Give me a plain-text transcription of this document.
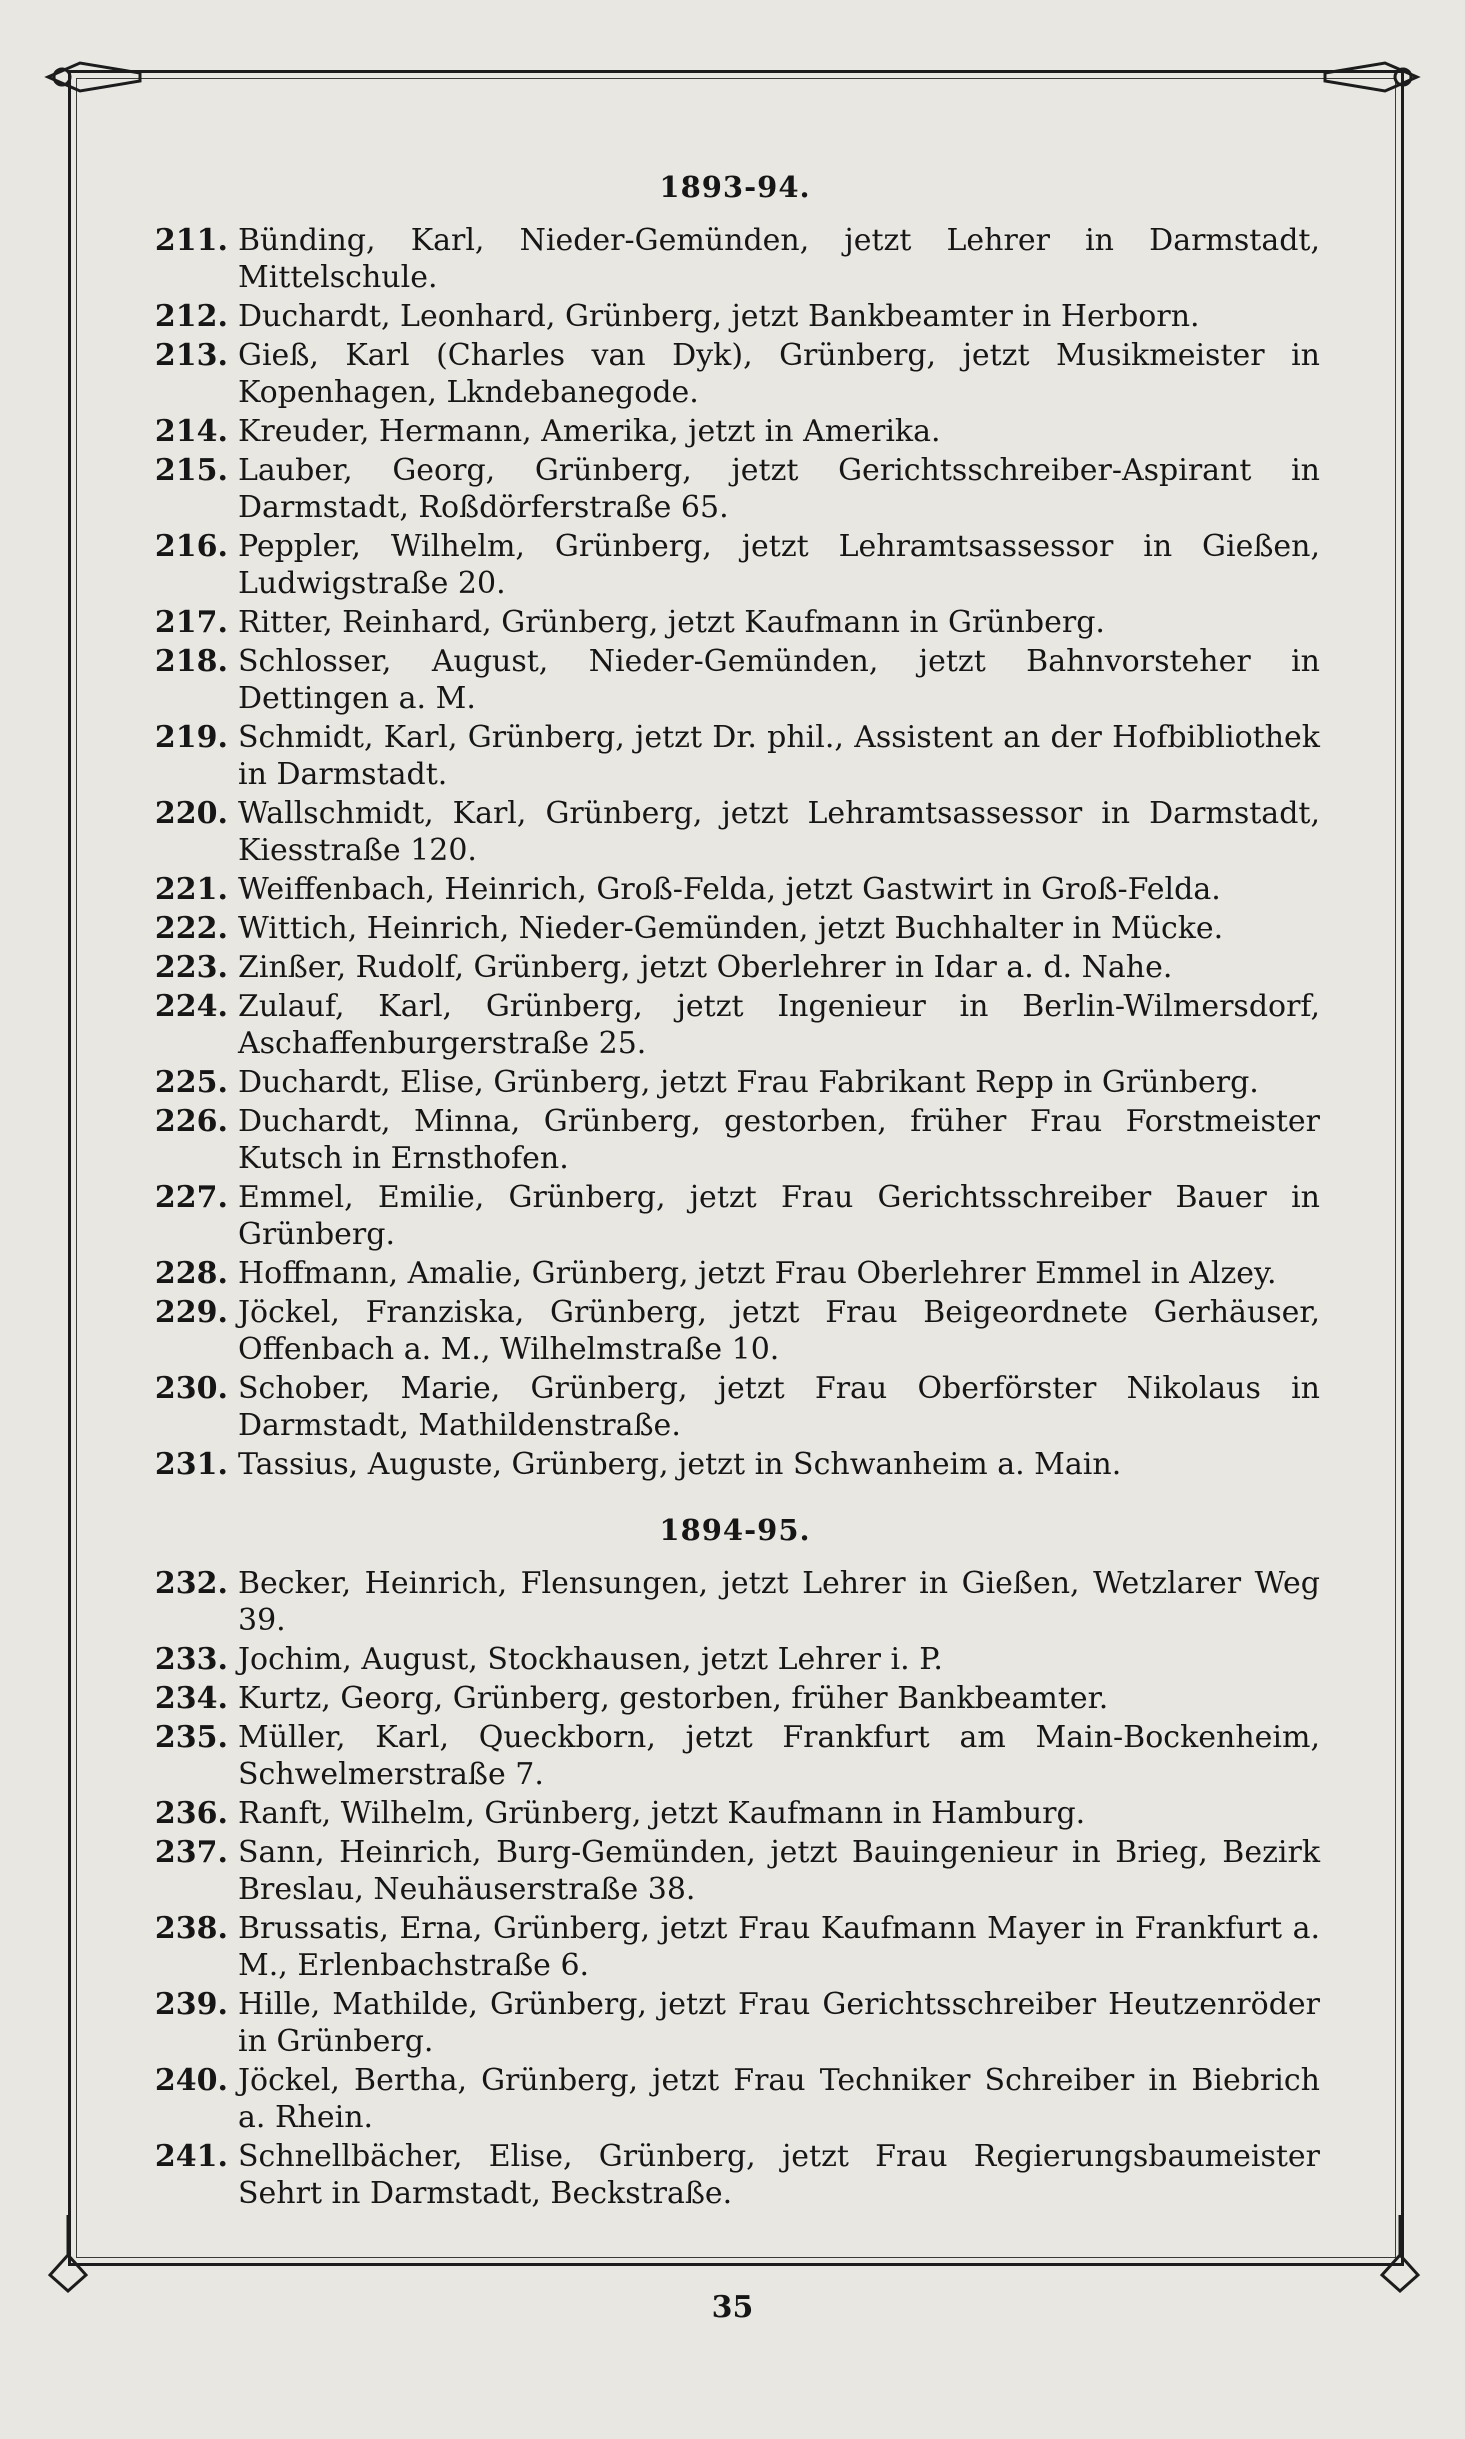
1893-94.
211. Bünding, Karl, Nieder-Gemünden, jetzt Lehrer in Darmstadt, Mittelschule.
212. Duchardt, Leonhard, Grünberg, jetzt Bankbeamter in Herborn.
213. Gieß, Karl (Charles van Dyk), Grünberg, jetzt Musikmeister in Kopenhagen, Lkndebanegode.
214. Kreuder, Hermann, Amerika, jetzt in Amerika.
215. Lauber, Georg, Grünberg, jetzt Gerichtsschreiber-Aspirant in Darmstadt, Roßdörferstraße 65.
216. Peppler, Wilhelm, Grünberg, jetzt Lehramtsassessor in Gießen, Ludwigstraße 20.
217. Ritter, Reinhard, Grünberg, jetzt Kaufmann in Grünberg.
218. Schlosser, August, Nieder-Gemünden, jetzt Bahnvorsteher in Dettingen a. M.
219. Schmidt, Karl, Grünberg, jetzt Dr. phil., Assistent an der Hofbibliothek in Darmstadt.
220. Wallschmidt, Karl, Grünberg, jetzt Lehramtsassessor in Darmstadt, Kiesstraße 120.
221. Weiffenbach, Heinrich, Groß-Felda, jetzt Gastwirt in Groß-Felda.
222. Wittich, Heinrich, Nieder-Gemünden, jetzt Buchhalter in Mücke.
223. Zinßer, Rudolf, Grünberg, jetzt Oberlehrer in Idar a. d. Nahe.
224. Zulauf, Karl, Grünberg, jetzt Ingenieur in Berlin-Wilmersdorf, Aschaffenburgerstraße 25.
225. Duchardt, Elise, Grünberg, jetzt Frau Fabrikant Repp in Grünberg.
226. Duchardt, Minna, Grünberg, gestorben, früher Frau Forstmeister Kutsch in Ernsthofen.
227. Emmel, Emilie, Grünberg, jetzt Frau Gerichtsschreiber Bauer in Grünberg.
228. Hoffmann, Amalie, Grünberg, jetzt Frau Oberlehrer Emmel in Alzey.
229. Jöckel, Franziska, Grünberg, jetzt Frau Beigeordnete Gerhäuser, Offenbach a. M., Wilhelmstraße 10.
230. Schober, Marie, Grünberg, jetzt Frau Oberförster Nikolaus in Darmstadt, Mathildenstraße.
231. Tassius, Auguste, Grünberg, jetzt in Schwanheim a. Main.
1894-95.
232. Becker, Heinrich, Flensungen, jetzt Lehrer in Gießen, Wetzlarer Weg 39.
233. Jochim, August, Stockhausen, jetzt Lehrer i. P.
234. Kurtz, Georg, Grünberg, gestorben, früher Bankbeamter.
235. Müller, Karl, Queckborn, jetzt Frankfurt am Main-Bockenheim, Schwelmerstraße 7.
236. Ranft, Wilhelm, Grünberg, jetzt Kaufmann in Hamburg.
237. Sann, Heinrich, Burg-Gemünden, jetzt Bauingenieur in Brieg, Bezirk Breslau, Neuhäuserstraße 38.
238. Brussatis, Erna, Grünberg, jetzt Frau Kaufmann Mayer in Frankfurt a. M., Erlenbachstraße 6.
239. Hille, Mathilde, Grünberg, jetzt Frau Gerichtsschreiber Heutzenröder in Grünberg.
240. Jöckel, Bertha, Grünberg, jetzt Frau Techniker Schreiber in Biebrich a. Rhein.
241. Schnellbächer, Elise, Grünberg, jetzt Frau Regierungsbaumeister Sehrt in Darmstadt, Beckstraße.
35
